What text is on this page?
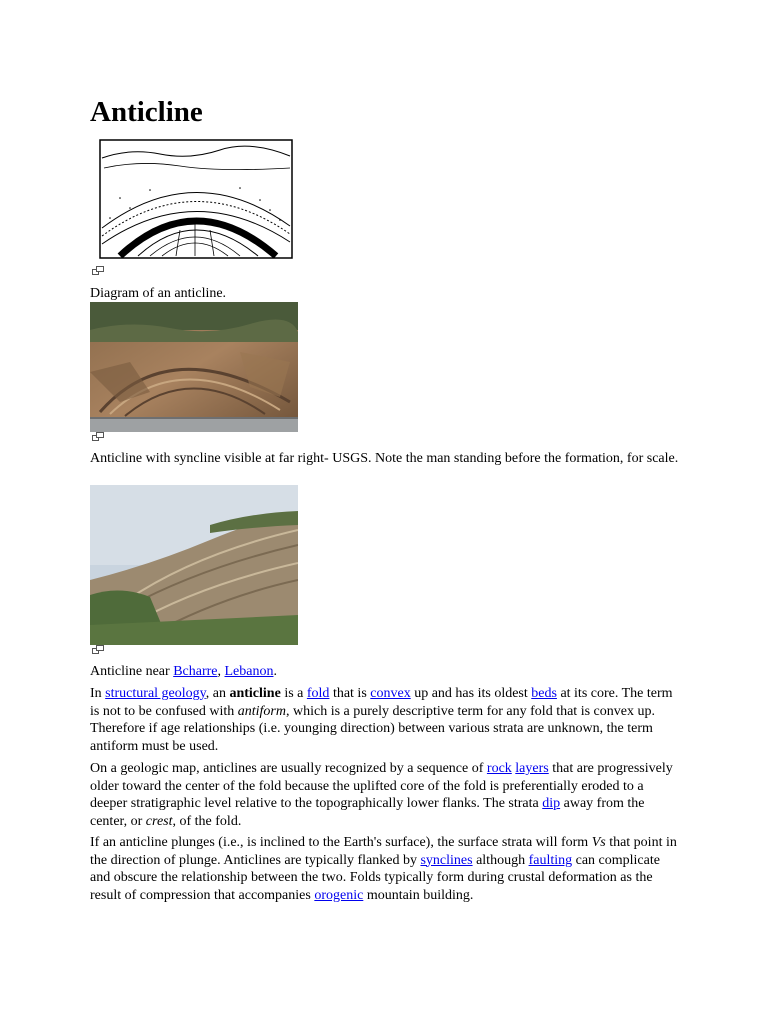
Anticline
Diagram of an anticline.
Anticline with syncline visible at far right- USGS. Note the man standing before the formation, for scale.
Anticline near Bcharre, Lebanon.

In structural geology, an anticline is a fold that is convex up and has its oldest beds at its core. The term is not to be confused with antiform, which is a purely descriptive term for any fold that is convex up. Therefore if age relationships (i.e. younging direction) between various strata are unknown, the term antiform must be used.

On a geologic map, anticlines are usually recognized by a sequence of rock layers that are progressively older toward the center of the fold because the uplifted core of the fold is preferentially eroded to a deeper stratigraphic level relative to the topographically lower flanks. The strata dip away from the center, or crest, of the fold.

If an anticline plunges (i.e., is inclined to the Earth's surface), the surface strata will form Vs that point in the direction of plunge. Anticlines are typically flanked by synclines although faulting can complicate and obscure the relationship between the two. Folds typically form during crustal deformation as the result of compression that accompanies orogenic mountain building.
